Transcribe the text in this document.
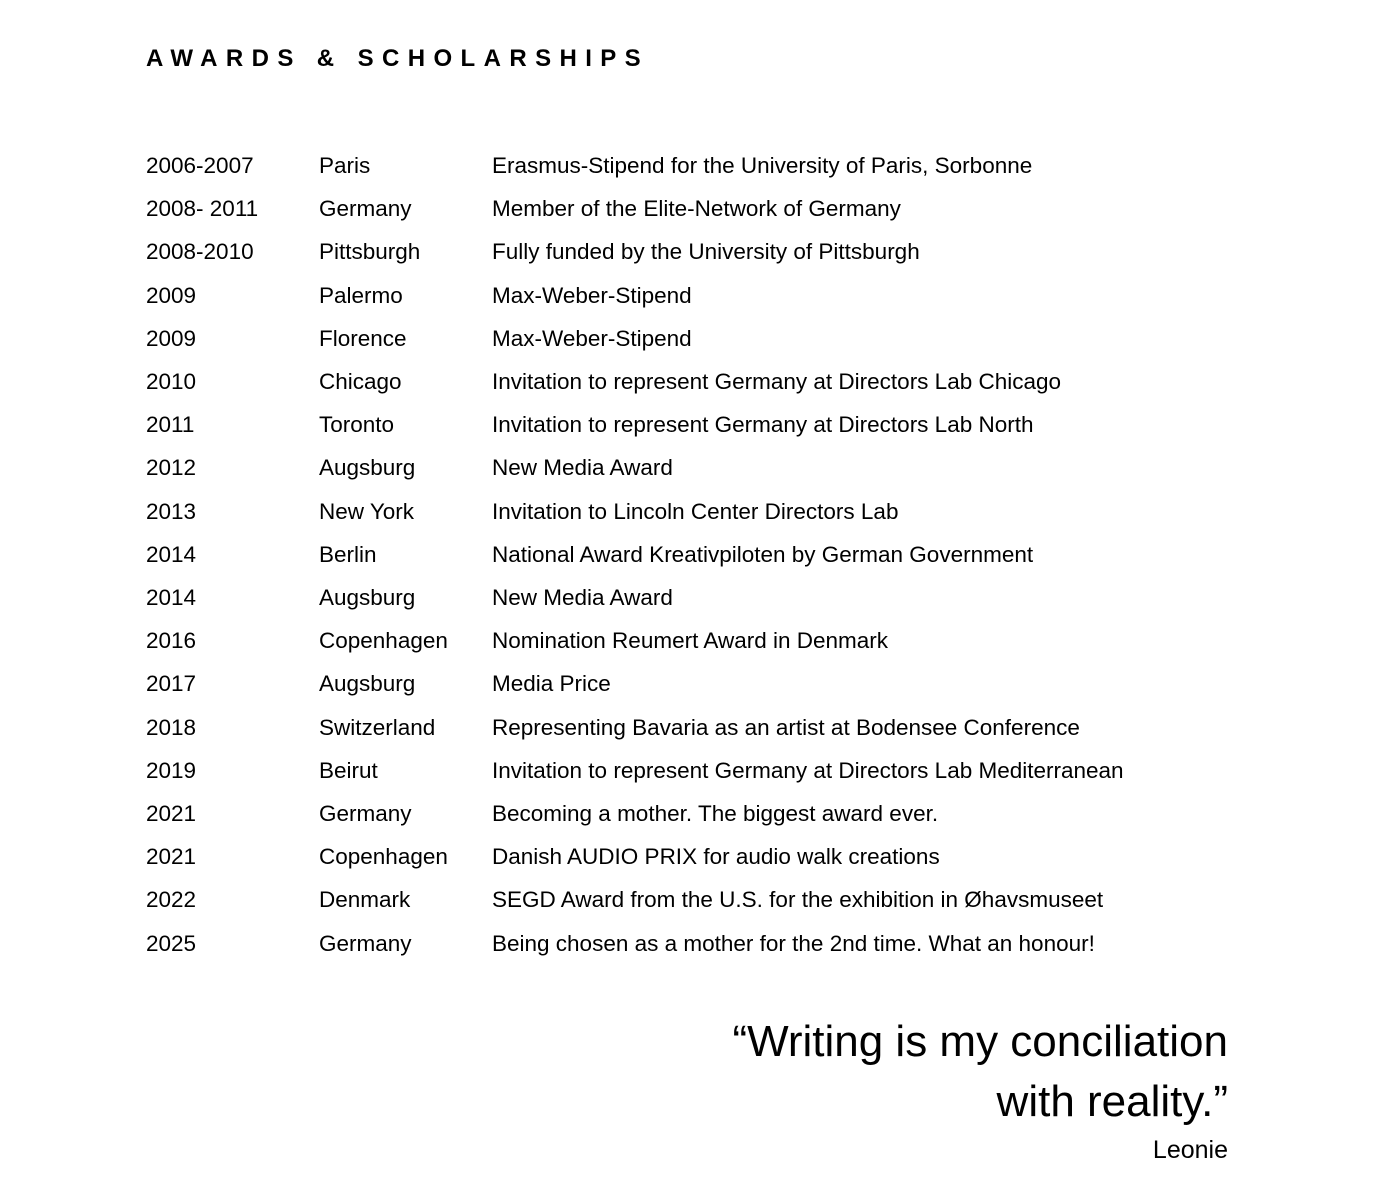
AWARDS & SCHOLARSHIPS
2006-2007	Paris	Erasmus-Stipend for the University of Paris, Sorbonne
2008- 2011	Germany	Member of the Elite-Network of Germany
2008-2010	Pittsburgh	Fully funded by the University of Pittsburgh
2009	Palermo	Max-Weber-Stipend
2009	Florence	Max-Weber-Stipend
2010	Chicago	Invitation to represent Germany at Directors Lab Chicago
2011	Toronto	Invitation to represent Germany at Directors Lab North
2012	Augsburg	New Media Award
2013	New York	Invitation to Lincoln Center Directors Lab
2014	Berlin	National Award Kreativpiloten by German Government
2014	Augsburg	New Media Award
2016	Copenhagen	Nomination Reumert Award in Denmark
2017	Augsburg	Media Price
2018	Switzerland	Representing Bavaria as an artist at Bodensee Conference
2019	Beirut	Invitation to represent Germany at Directors Lab Mediterranean
2021	Germany	Becoming a mother. The biggest award ever.
2021	Copenhagen	Danish AUDIO PRIX for audio walk creations
2022	Denmark	SEGD Award from the U.S. for the exhibition in Øhavsmuseet
2025	Germany	Being chosen as a mother for the 2nd time. What an honour!

“Writing is my conciliation with reality.”

Leonie
